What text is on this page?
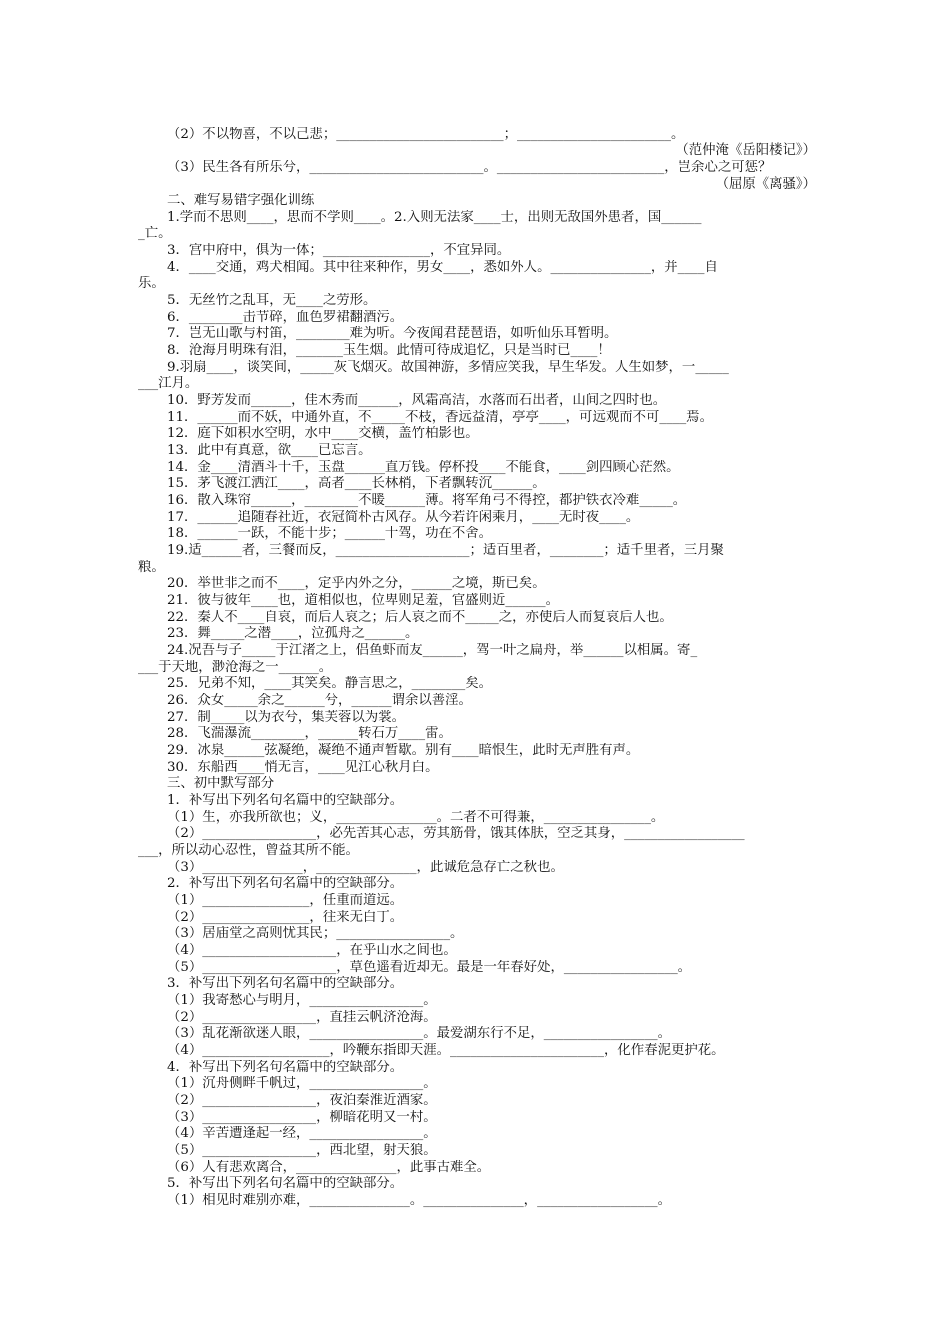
（2）不以物喜，不以己悲；_________________________；_______________________。
（范仲淹《岳阳楼记》）
（3）民生各有所乐兮，__________________________。_________________________，岂余心之可惩？
（屈原《离骚》）
二、难写易错字强化训练
1.学而不思则____，思而不学则____。2.入则无法家____士，出则无敌国外患者，国______
_亡。
3．宫中府中，俱为一体；________________，不宜异同。
4．____交通，鸡犬相闻。其中往来种作，男女____，悉如外人。_______________，并____自
乐。
5．无丝竹之乱耳，无____之劳形。
6．________击节碎，血色罗裙翻酒污。
7．岂无山歌与村笛，________难为听。今夜闻君琵琶语，如听仙乐耳暂明。
8．沧海月明珠有泪，_______玉生烟。此情可待成追忆，只是当时已____！
9.羽扇____，谈笑间，_____灰飞烟灭。故国神游，多情应笑我，早生华发。人生如梦，一_____
___江月。
10．野芳发而______，佳木秀而______，风霜高洁，水落而石出者，山间之四时也。
11．______而不妖，中通外直，不_____不枝，香远益清，亭亭____，可远观而不可____焉。
12．庭下如积水空明，水中____交横，盖竹柏影也。
13．此中有真意，欲____已忘言。
14．金____清酒斗十千，玉盘______直万钱。停杯投____不能食，____剑四顾心茫然。
15．茅飞渡江洒江____，高者____长林梢，下者飘转沉______。
16．散入珠帘______，________不暖______薄。将军角弓不得控，都护铁衣冷难_____。
17．______追随春社近，衣冠简朴古风存。从今若许闲乘月，____无时夜____。
18．______一跃，不能十步；______十驾，功在不舍。
19.适______者，三餐而反，____________________；适百里者，________；适千里者，三月聚
粮。
20．举世非之而不____，定乎内外之分，______之境，斯已矣。
21．彼与彼年____也，道相似也，位卑则足羞，官盛则近______。
22．秦人不____自哀，而后人哀之；后人哀之而不_____之，亦使后人而复哀后人也。
23．舞_____之潜____，泣孤舟之______。
24.况吾与子_____于江渚之上，侣鱼虾而友______，驾一叶之扁舟，举______以相属。寄_
___于天地，渺沧海之一______。
25．兄弟不知，____其笑矣。静言思之，________矣。
26．众女_____余之______兮，______谓余以善淫。
27．制_____以为衣兮，集芙蓉以为裳。
28．飞湍瀑流________，______转石万____雷。
29．冰泉______弦凝绝，凝绝不通声暂歇。别有____暗恨生，此时无声胜有声。
30．东船西____悄无言，____见江心秋月白。
三、初中默写部分
1．补写出下列名句名篇中的空缺部分。
（1）生，亦我所欲也；义，_______________。二者不可得兼，________________。
（2）_________________，必先苦其心志，劳其筋骨，饿其体肤，空乏其身，__________________
___，所以动心忍性，曾益其所不能。
（3）_______________，_______________，此诚危急存亡之秋也。
2．补写出下列名句名篇中的空缺部分。
（1）________________，任重而道远。
（2）________________，往来无白丁。
（3）居庙堂之高则忧其民；_________________。
（4）____________________，在乎山水之间也。
（5）____________________，草色遥看近却无。最是一年春好处，_________________。
3．补写出下列名句名篇中的空缺部分。
（1）我寄愁心与明月，_________________。
（2）_________________，直挂云帆济沧海。
（3）乱花渐欲迷人眼，_________________。最爱湖东行不足，_________________。
（4）___________________，吟鞭东指即天涯。_______________________，化作春泥更护花。
4．补写出下列名句名篇中的空缺部分。
（1）沉舟侧畔千帆过，_________________。
（2）_________________，夜泊秦淮近酒家。
（3）_________________，柳暗花明又一村。
（4）辛苦遭逢起一经，_________________。
（5）_________________，西北望，射天狼。
（6）人有悲欢离合，_______________，此事古难全。
5．补写出下列名句名篇中的空缺部分。
（1）相见时难别亦难，_______________。_______________，__________________。
